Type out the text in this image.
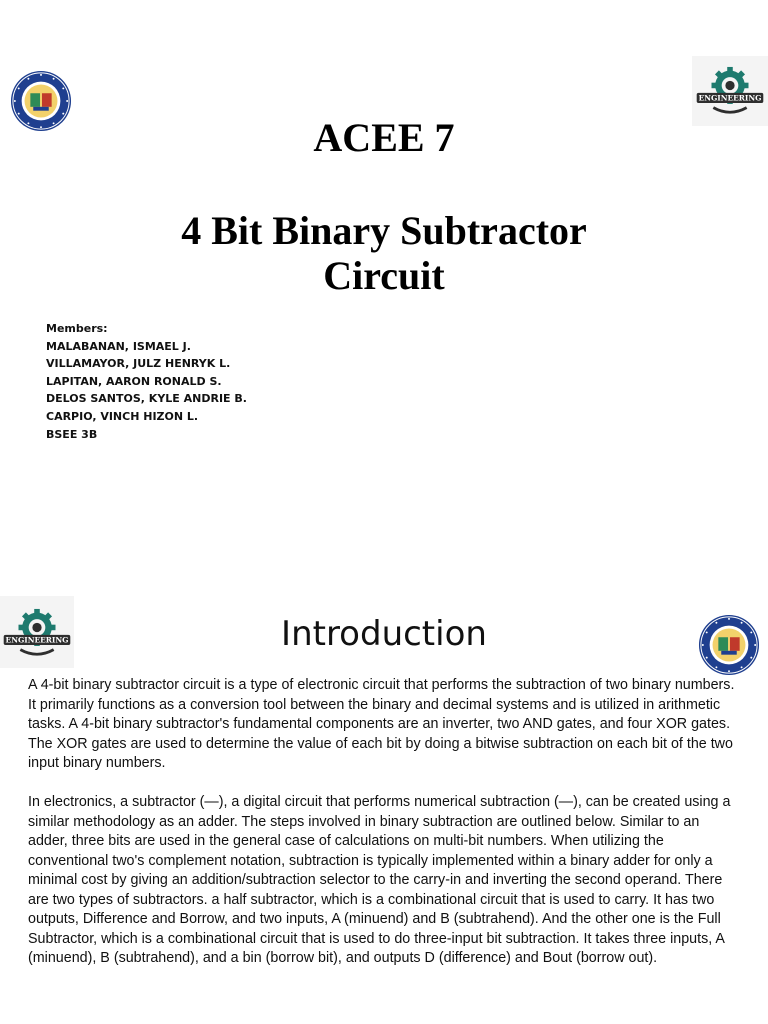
ENGINEERING
ACEE 7
4 Bit Binary Subtractor
Circuit
Members:
MALABANAN, ISMAEL J.
VILLAMAYOR, JULZ HENRYK L.
LAPITAN, AARON RONALD S.
DELOS SANTOS, KYLE ANDRIE B.
CARPIO, VINCH HIZON L.
BSEE 3B
ENGINEERING	Introduction

A 4-bit binary subtractor circuit is a type of electronic circuit that performs the subtraction of two binary numbers. It primarily functions as a conversion tool between the binary and decimal systems and is utilized in arithmetic tasks. A 4-bit binary subtractor's fundamental components are an inverter, two AND gates, and four XOR gates. The XOR gates are used to determine the value of each bit by doing a bitwise subtraction on each bit of the two input binary numbers.

In electronics, a subtractor (—), a digital circuit that performs numerical subtraction (—), can be created using a similar methodology as an adder. The steps involved in binary subtraction are outlined below. Similar to an adder, three bits are used in the general case of calculations on multi-bit numbers. When utilizing the conventional two's complement notation, subtraction is typically implemented within a binary adder for only a minimal cost by giving an addition/subtraction selector to the carry-in and inverting the second operand. There are two types of subtractors. a half subtractor, which is a combinational circuit that is used to carry. It has two outputs, Difference and Borrow, and two inputs, A (minuend) and B (subtrahend). And the other one is the Full Subtractor, which is a combinational circuit that is used to do three-input bit subtraction. It takes three inputs, A (minuend), B (subtrahend), and a bin (borrow bit), and outputs D (difference) and Bout (borrow out).
